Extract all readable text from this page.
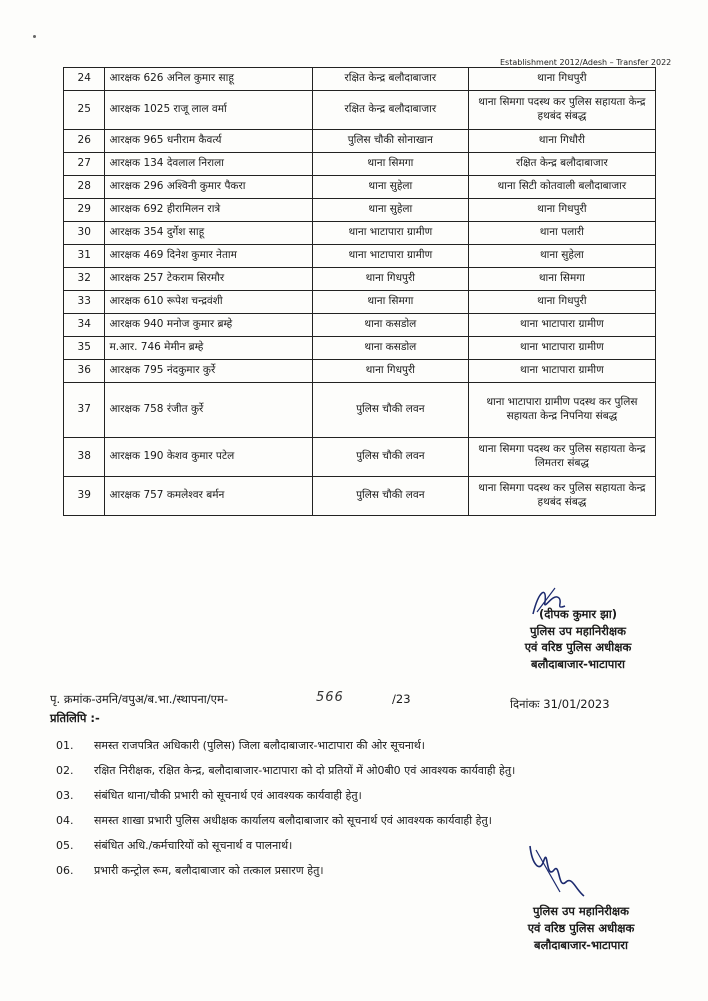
Establishment 2012/Adesh – Transfer 2022
24	आरक्षक 626 अनिल कुमार साहू	रक्षित केन्द्र बलौदाबाजार	थाना गिधपुरी
25	आरक्षक 1025 राजू लाल वर्मा	रक्षित केन्द्र बलौदाबाजार	थाना सिमगा पदस्थ कर पुलिस सहायता केन्द्र हथबंद संबद्ध
26	आरक्षक 965 धनीराम कैवर्त्य	पुलिस चौकी सोनाखान	थाना गिधौरी
27	आरक्षक 134 देवलाल निराला	थाना सिमगा	रक्षित केन्द्र बलौदाबाजार
28	आरक्षक 296 अश्विनी कुमार पैकरा	थाना सुहेला	थाना सिटी कोतवाली बलौदाबाजार
29	आरक्षक 692 हीरामिलन रात्रे	थाना सुहेला	थाना गिधपुरी
30	आरक्षक 354 दुर्गेश साहू	थाना भाटापारा ग्रामीण	थाना पलारी
31	आरक्षक 469 दिनेश कुमार नेताम	थाना भाटापारा ग्रामीण	थाना सुहेला
32	आरक्षक 257 टेकराम सिरमौर	थाना गिधपुरी	थाना सिमगा
33	आरक्षक 610 रूपेश चन्द्रवंशी	थाना सिमगा	थाना गिधपुरी
34	आरक्षक 940 मनोज कुमार ब्रम्हे	थाना कसडोल	थाना भाटापारा ग्रामीण
35	म.आर. 746 मेमीन ब्रम्हे	थाना कसडोल	थाना भाटापारा ग्रामीण
36	आरक्षक 795 नंदकुमार कुर्रे	थाना गिधपुरी	थाना भाटापारा ग्रामीण
37	आरक्षक 758 रंजीत कुर्रे	पुलिस चौकी लवन	थाना भाटापारा ग्रामीण पदस्थ कर पुलिस सहायता केन्द्र निपनिया संबद्ध
38	आरक्षक 190 केशव कुमार पटेल	पुलिस चौकी लवन	थाना सिमगा पदस्थ कर पुलिस सहायता केन्द्र लिमतरा संबद्ध
39	आरक्षक 757 कमलेश्वर बर्मन	पुलिस चौकी लवन	थाना सिमगा पदस्थ कर पुलिस सहायता केन्द्र हथबंद संबद्ध
(दीपक कुमार झा)
पुलिस उप महानिरीक्षक
एवं वरिष्ठ पुलिस अधीक्षक
बलौदाबाजार-भाटापारा
पृ. क्रमांक-उमनि/वपुअ/ब.भा./स्थापना/एम-	566	/23	दिनांकः 31/01/2023
प्रतिलिपि :-
01.	समस्त राजपत्रित अधिकारी (पुलिस) जिला बलौदाबाजार-भाटापारा की ओर सूचनार्थ।
02.	रक्षित निरीक्षक, रक्षित केन्द्र, बलौदाबाजार-भाटापारा को दो प्रतियों में ओ0बी0 एवं आवश्यक कार्यवाही हेतु।
03.	संबंधित थाना/चौकी प्रभारी को सूचनार्थ एवं आवश्यक कार्यवाही हेतु।
04.	समस्त शाखा प्रभारी पुलिस अधीक्षक कार्यालय बलौदाबाजार को सूचनार्थ एवं आवश्यक कार्यवाही हेतु।
05.	संबंधित अधि./कर्मचारियों को सूचनार्थ व पालनार्थ।
06.	प्रभारी कन्ट्रोल रूम, बलौदाबाजार को तत्काल प्रसारण हेतु।
पुलिस उप महानिरीक्षक
एवं वरिष्ठ पुलिस अधीक्षक
बलौदाबाजार-भाटापारा
